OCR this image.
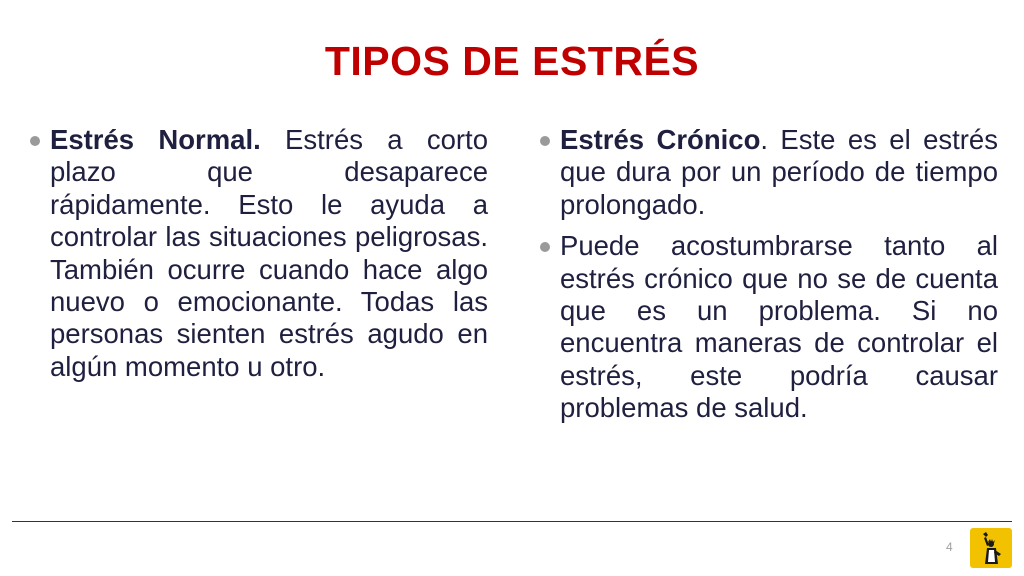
TIPOS DE ESTRÉS
Estrés Normal. Estrés a corto plazo que desaparece rápidamente. Esto le ayuda a controlar las situaciones peligrosas. También ocurre cuando hace algo nuevo o emocionante. Todas las personas sienten estrés agudo en algún momento u otro.
Estrés Crónico. Este es el estrés que dura por un período de tiempo prolongado.
Puede acostumbrarse tanto al estrés crónico que no se de cuenta que es un problema. Si no encuentra maneras de controlar el estrés, este podría causar problemas de salud.
4
